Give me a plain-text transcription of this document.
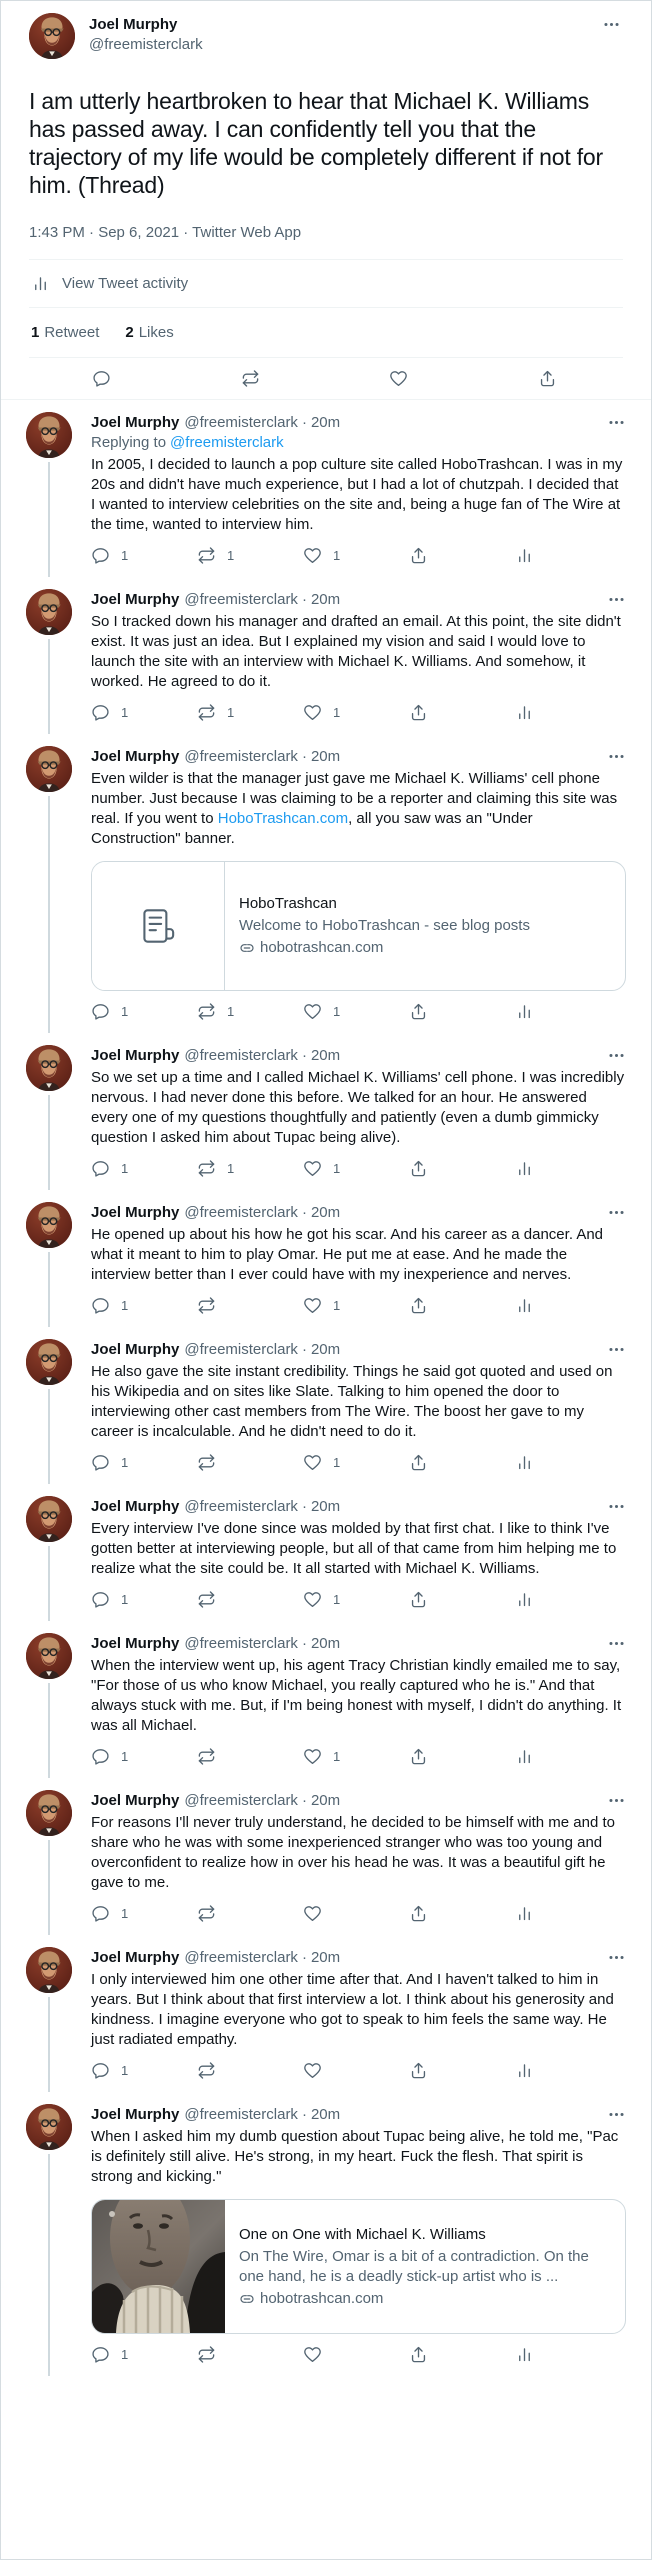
Joel Murphy
@freemisterclark
I am utterly heartbroken to hear that Michael K. Williams has passed away. I can confidently tell you that the trajectory of my life would be completely different if not for him. (Thread)
1:43 PM · Sep 6, 2021 · Twitter Web App
View Tweet activity
1 Retweet 2 Likes
Joel Murphy @freemisterclark · 20m
Replying to @freemisterclark

In 2005, I decided to launch a pop culture site called HoboTrashcan. I was in my 20s and didn't have much experience, but I had a lot of chutzpah. I decided that I wanted to interview celebrities on the site and, being a huge fan of The Wire at the time, wanted to interview him.

1	1	1
Joel Murphy @freemisterclark · 20m

So I tracked down his manager and drafted an email. At this point, the site didn't exist. It was just an idea. But I explained my vision and said I would love to launch the site with an interview with Michael K. Williams. And somehow, it worked. He agreed to do it.

1	1	1
Joel Murphy @freemisterclark · 20m

Even wilder is that the manager just gave me Michael K. Williams' cell phone number. Just because I was claiming to be a reporter and claiming this site was real. If you went to HoboTrashcan.com, all you saw was an "Under Construction" banner.

HoboTrashcan
Welcome to HoboTrashcan - see blog posts
hobotrashcan.com
1	1	1
Joel Murphy @freemisterclark · 20m

So we set up a time and I called Michael K. Williams' cell phone. I was incredibly nervous. I had never done this before. We talked for an hour. He answered every one of my questions thoughtfully and patiently (even a dumb gimmicky question I asked him about Tupac being alive).

1	1	1
Joel Murphy @freemisterclark · 20m

He opened up about his how he got his scar. And his career as a dancer. And what it meant to him to play Omar. He put me at ease. And he made the interview better than I ever could have with my inexperience and nerves.

1	1
Joel Murphy @freemisterclark · 20m

He also gave the site instant credibility. Things he said got quoted and used on his Wikipedia and on sites like Slate. Talking to him opened the door to interviewing other cast members from The Wire. The boost her gave to my career is incalculable. And he didn't need to do it.

1	1
Joel Murphy @freemisterclark · 20m

Every interview I've done since was molded by that first chat. I like to think I've gotten better at interviewing people, but all of that came from him helping me to realize what the site could be. It all started with Michael K. Williams.

1	1
Joel Murphy @freemisterclark · 20m

When the interview went up, his agent Tracy Christian kindly emailed me to say, "For those of us who know Michael, you really captured who he is." And that always stuck with me. But, if I'm being honest with myself, I didn't do anything. It was all Michael.

1	1
Joel Murphy @freemisterclark · 20m

For reasons I'll never truly understand, he decided to be himself with me and to share who he was with some inexperienced stranger who was too young and overconfident to realize how in over his head he was. It was a beautiful gift he gave to me.

1
Joel Murphy @freemisterclark · 20m

I only interviewed him one other time after that. And I haven't talked to him in years. But I think about that first interview a lot. I think about his generosity and kindness. I imagine everyone who got to speak to him feels the same way. He just radiated empathy.

1
Joel Murphy @freemisterclark · 20m

When I asked him my dumb question about Tupac being alive, he told me, "Pac is definitely still alive. He's strong, in my heart. Fuck the flesh. That spirit is strong and kicking."

One on One with Michael K. Williams
On The Wire, Omar is a bit of a contradiction. On the one hand, he is a deadly stick-up artist who is ...
hobotrashcan.com
1
